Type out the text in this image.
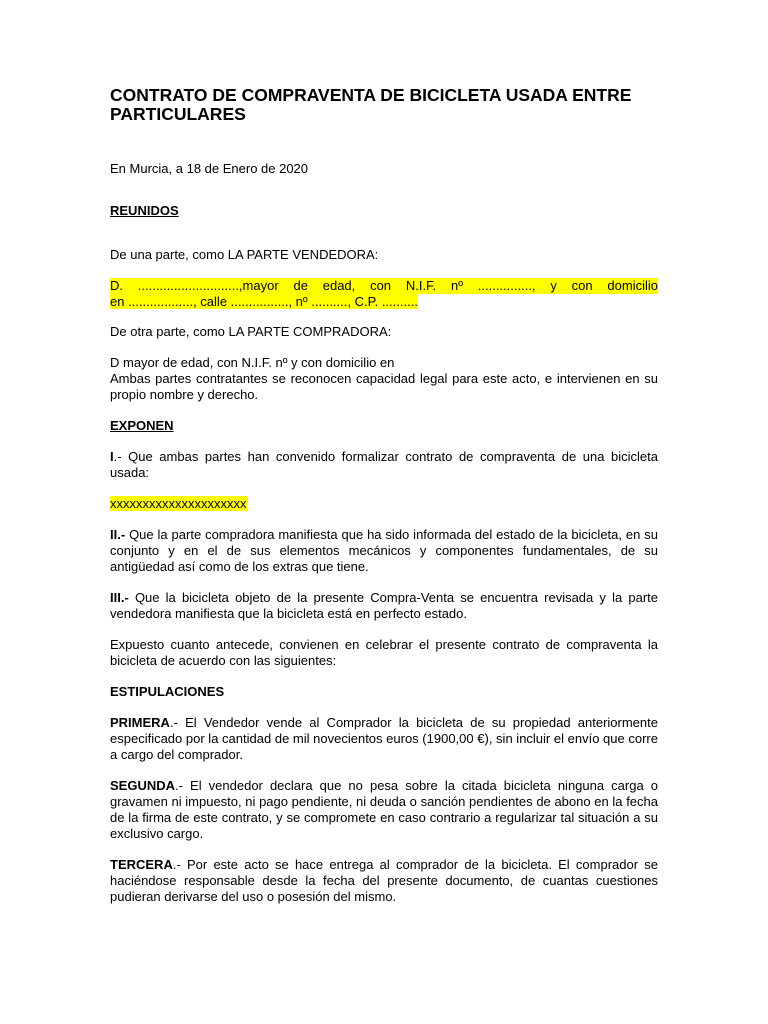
CONTRATO DE COMPRAVENTA DE BICICLETA USADA ENTRE PARTICULARES

En Murcia, a 18 de Enero de 2020

REUNIDOS

De una parte, como LA PARTE VENDEDORA:

D. ............................,mayor de edad, con N.I.F. nº ..............., y con domicilio
en .................., calle ................, nº .........., C.P. ..........

De otra parte, como LA PARTE COMPRADORA:

D mayor de edad, con N.I.F. nº y con domicilio en

Ambas partes contratantes se reconocen capacidad legal para este acto, e intervienen en su propio nombre y derecho.

EXPONEN

I.- Que ambas partes han convenido formalizar contrato de compraventa de una bicicleta usada:

xxxxxxxxxxxxxxxxxxxxx

II.- Que la parte compradora manifiesta que ha sido informada del estado de la bicicleta, en su conjunto y en el de sus elementos mecánicos y componentes fundamentales, de su antigüedad así como de los extras que tiene.

III.- Que la bicicleta objeto de la presente Compra-Venta se encuentra revisada y la parte vendedora manifiesta que la bicicleta está en perfecto estado.

Expuesto cuanto antecede, convienen en celebrar el presente contrato de compraventa la bicicleta de acuerdo con las siguientes:

ESTIPULACIONES

PRIMERA.- El Vendedor vende al Comprador la bicicleta de su propiedad anteriormente especificado por la cantidad de mil novecientos euros (1900,00 €), sin incluir el envío que corre a cargo del comprador.

SEGUNDA.- El vendedor declara que no pesa sobre la citada bicicleta ninguna carga o gravamen ni impuesto, ni pago pendiente, ni deuda o sanción pendientes de abono en la fecha de la firma de este contrato, y se compromete en caso contrario a regularizar tal situación a su exclusivo cargo.

TERCERA.- Por este acto se hace entrega al comprador de la bicicleta. El comprador se haciéndose responsable desde la fecha del presente documento, de cuantas cuestiones pudieran derivarse del uso o posesión del mismo.
